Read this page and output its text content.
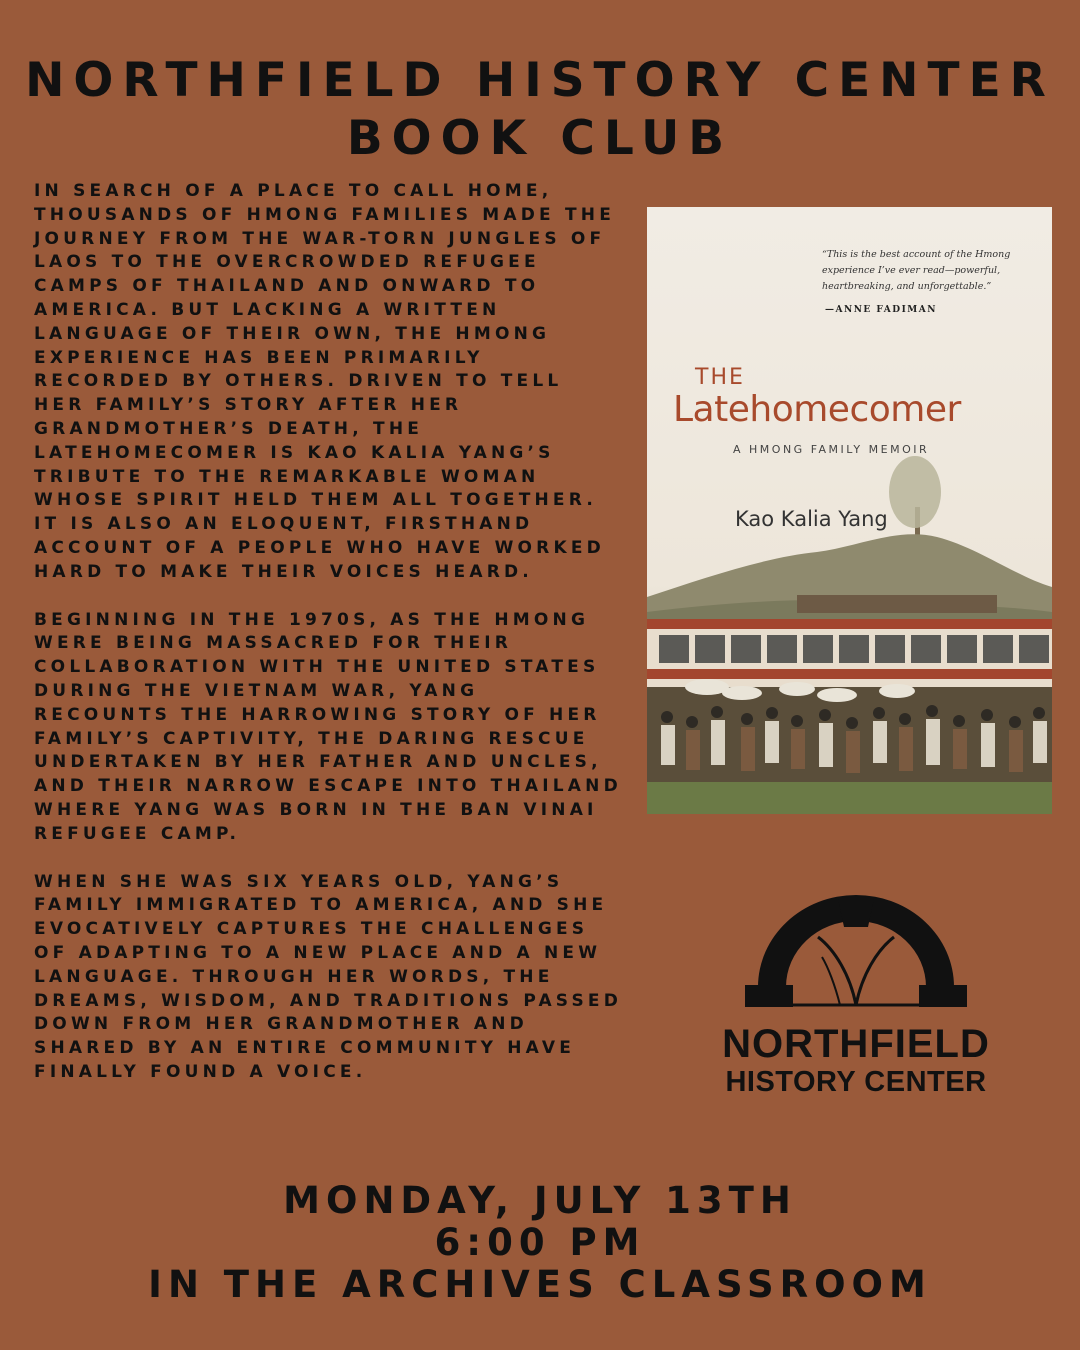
NORTHFIELD HISTORY CENTER
BOOK CLUB

IN SEARCH OF A PLACE TO CALL HOME, THOUSANDS OF HMONG FAMILIES MADE THE JOURNEY FROM THE WAR-TORN JUNGLES OF LAOS TO THE OVERCROWDED REFUGEE CAMPS OF THAILAND AND ONWARD TO AMERICA. BUT LACKING A WRITTEN LANGUAGE OF THEIR OWN, THE HMONG EXPERIENCE HAS BEEN PRIMARILY RECORDED BY OTHERS. DRIVEN TO TELL HER FAMILY’S STORY AFTER HER GRANDMOTHER’S DEATH, THE LATEHOMECOMER IS KAO KALIA YANG’S TRIBUTE TO THE REMARKABLE WOMAN WHOSE SPIRIT HELD THEM ALL TOGETHER. IT IS ALSO AN ELOQUENT, FIRSTHAND ACCOUNT OF A PEOPLE WHO HAVE WORKED HARD TO MAKE THEIR VOICES HEARD.

BEGINNING IN THE 1970S, AS THE HMONG WERE BEING MASSACRED FOR THEIR COLLABORATION WITH THE UNITED STATES DURING THE VIETNAM WAR, YANG RECOUNTS THE HARROWING STORY OF HER FAMILY’S CAPTIVITY, THE DARING RESCUE UNDERTAKEN BY HER FATHER AND UNCLES, AND THEIR NARROW ESCAPE INTO THAILAND WHERE YANG WAS BORN IN THE BAN VINAI REFUGEE CAMP.

WHEN SHE WAS SIX YEARS OLD, YANG’S FAMILY IMMIGRATED TO AMERICA, AND SHE EVOCATIVELY CAPTURES THE CHALLENGES OF ADAPTING TO A NEW PLACE AND A NEW LANGUAGE. THROUGH HER WORDS, THE DREAMS, WISDOM, AND TRADITIONS PASSED DOWN FROM HER GRANDMOTHER AND SHARED BY AN ENTIRE COMMUNITY HAVE FINALLY FOUND A VOICE.

“This is the best account of the Hmong experience I’ve ever read—powerful, heartbreaking, and unforgettable.”
—ANNE FADIMAN
THE
Latehomecomer
A HMONG FAMILY MEMOIR
Kao Kalia Yang
NORTHFIELD
HISTORY CENTER
MONDAY, JULY 13TH
6:00 PM
IN THE ARCHIVES CLASSROOM
